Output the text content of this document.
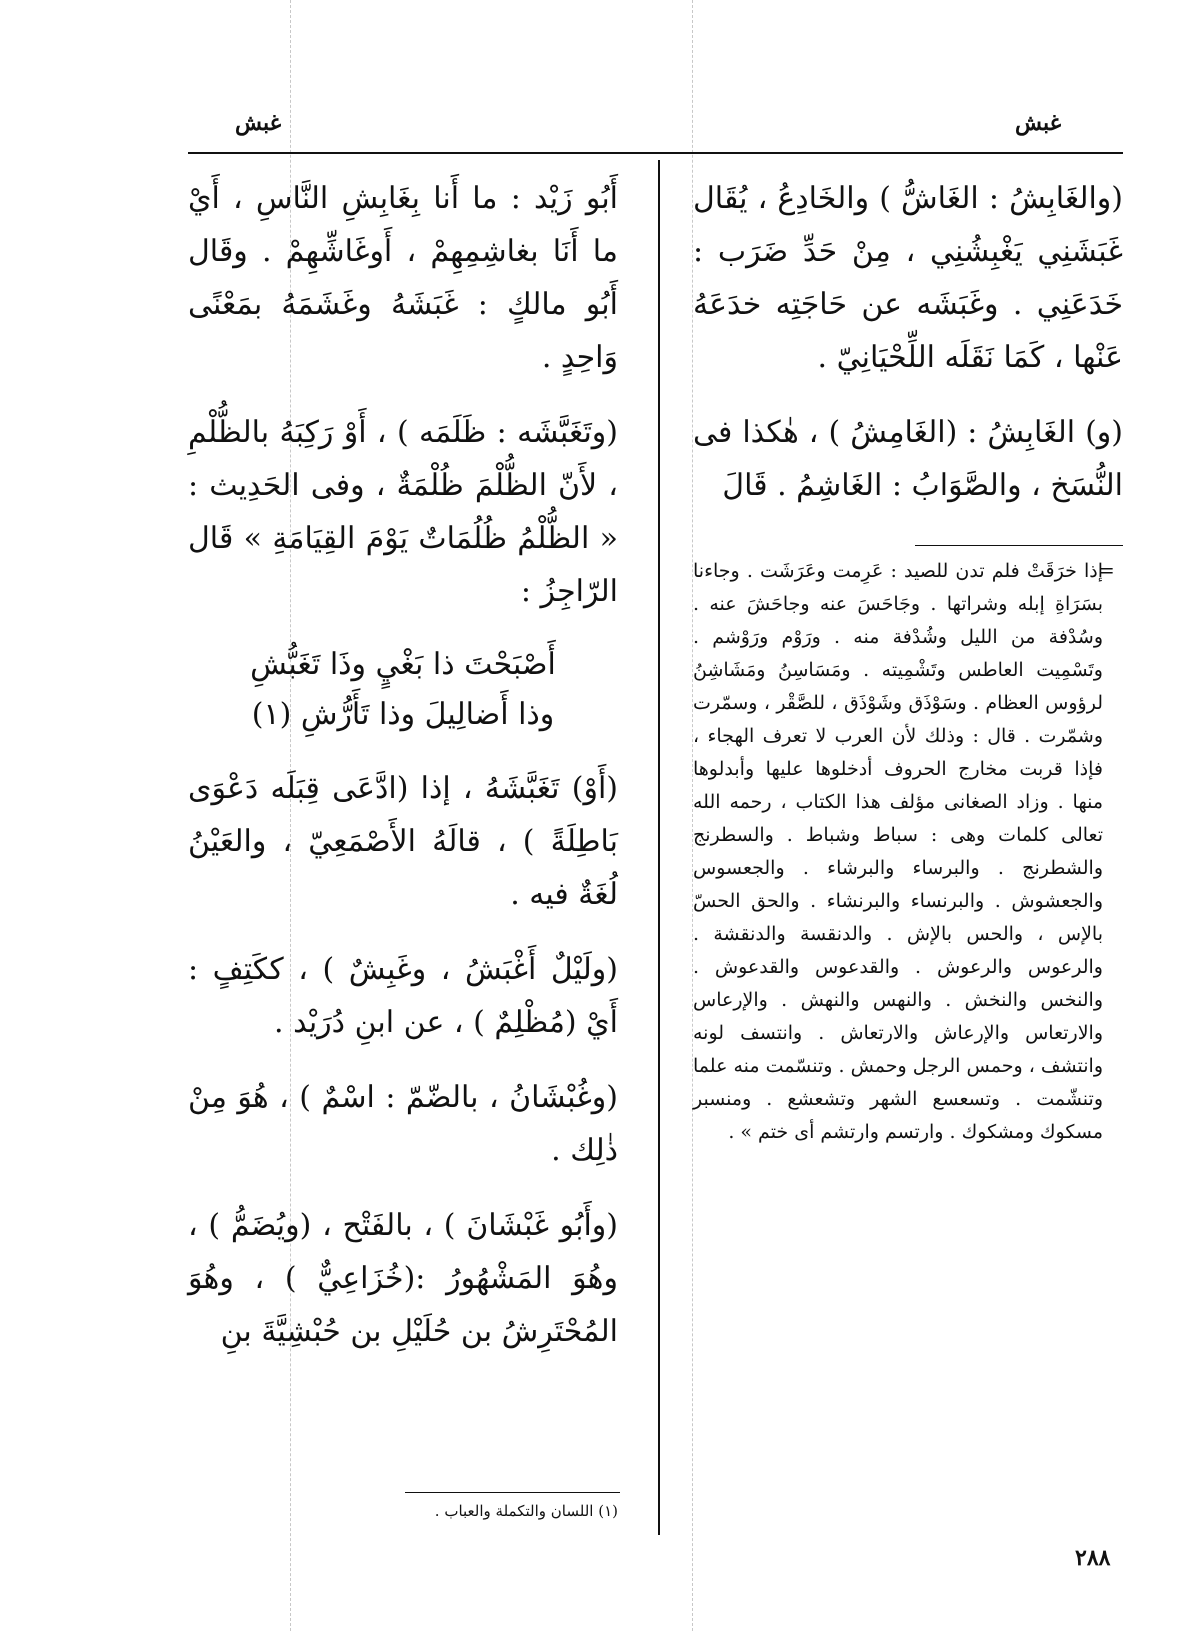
غبش	غبش

(والغَابِشُ : الغَاشُّ ) والخَادِعُ ، يُقَال غَبَشَنِي يَغْبِشُنِي ، مِنْ حَدِّ ضَرَب : خَدَعَنِي . وغَبَشَه عن حَاجَتِه خدَعَهُ عَنْها ، كَمَا نَقَلَه اللِّحْيَانِيّ .

(و) الغَابِشُ : (الغَامِشُ ) ، هٰكذا فى النُّسَخ ، والصَّوَابُ : الغَاشِمُ . قَالَ

=

إذا خرَقَتْ فلم تدن للصيد : عَرِمت وعَرَشَت . وجاءنا بسَرَاةِ إبله وشراتها . وجَاحَسَ عنه وجاحَشَ عنه . وسُدْفة من الليل وشُدْفة منه . ورَوْم ورَوْشم . وتَسْمِيت العاطس وتَشْمِيته . ومَسَاسِنُ ومَشَاشِنُ لرؤوس العظام . وسَوْذَق وشَوْذَق ، للصَّقْر ، وسمّرت وشمّرت . قال : وذلك لأن العرب لا تعرف الهجاء ، فإذا قربت مخارج الحروف أدخلوها عليها وأبدلوها منها . وزاد الصغانى مؤلف هذا الكتاب ، رحمه الله تعالى كلمات وهى : سباط وشباط . والسطرنج والشطرنج . والبرساء والبرشاء . والجعسوس والجعشوش . والبرنساء والبرنشاء . والحق الحسّ بالإس ، والحس بالإش . والدنقسة والدنقشة . والرعوس والرعوش . والقدعوس والقدعوش . والنخس والنخش . والنهس والنهش . والإرعاس والارتعاس والإرعاش والارتعاش . وانتسف لونه وانتشف ، وحمس الرجل وحمش . وتنسّمت منه علما وتنشّمت . وتسعسع الشهر وتشعشع . ومنسبر مسكوك ومشكوك . وارتسم وارتشم أى ختم » .

أَبُو زَيْد : ما أَنا بِغَابِشِ النَّاسِ ، أَيْ ما أَنَا بغاشِمِهِمْ ، أَوغَاشِّهِمْ . وقَال أَبُو مالكٍ : غَبَشَهُ وغَشَمَهُ بمَعْنًى وَاحِدٍ .

(وتَغَبَّشَه : ظَلَمَه ) ، أَوْ رَكِبَهُ بالظُّلْمِ ، لأَنّ الظُّلْمَ ظُلْمَةٌ ، وفى الحَدِيث : « الظُّلْمُ ظُلُمَاتٌ يَوْمَ القِيَامَةِ » قَال الرّاجِزُ :

أَصْبَحْتَ ذا بَغْيٍ وذَا تَغَبُّشِ
وذا أَضالِيلَ وذا تَأَرُّشِ (١)

(أَوْ) تَغَبَّشَهُ ، إذا (ادَّعَى قِبَلَه دَعْوَى بَاطِلَةً ) ، قالَهُ الأَصْمَعِيّ ، والعَيْنُ لُغَةٌ فيه .

(ولَيْلٌ أَغْبَشُ ، وغَبِشٌ ) ، ككَتِفٍ : أَيْ (مُظْلِمٌ ) ، عن ابنِ دُرَيْد .

(وغُبْشَانُ ، بالضّمّ : اسْمٌ ) ، هُوَ مِنْ ذٰلِك .

(وأَبُو غَبْشَانَ ) ، بالفَتْح ، (ويُضَمُّ ) ، وهُوَ المَشْهُورُ :(خُزَاعِيٌّ ) ، وهُوَ المُحْتَرِشُ بن حُلَيْلِ بن حُبْشِيَّةَ بنِ

(١) اللسان والتكملة والعباب .
٢٨٨
